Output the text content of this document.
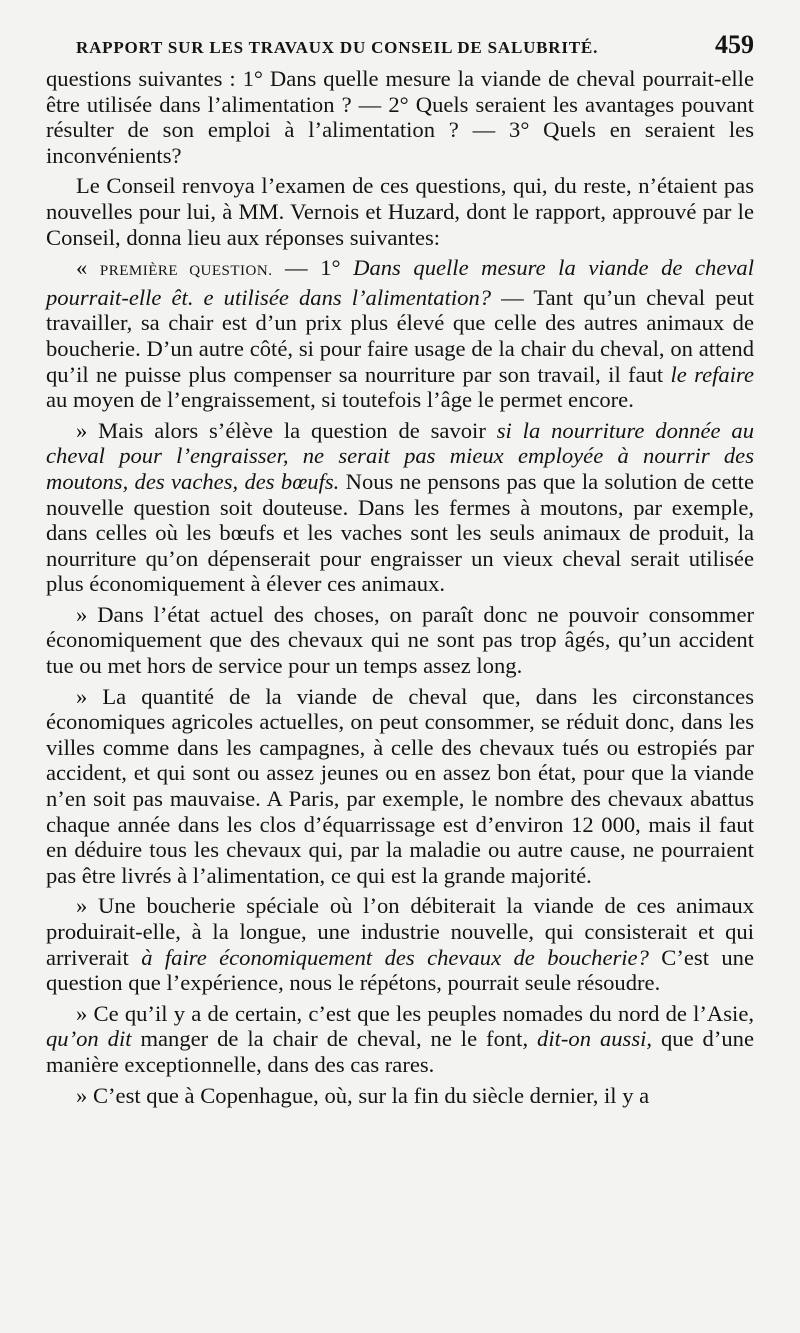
RAPPORT SUR LES TRAVAUX DU CONSEIL DE SALUBRITÉ.	459

questions suivantes : 1° Dans quelle mesure la viande de cheval pourrait-elle être utilisée dans l’alimentation ? — 2° Quels seraient les avantages pouvant résulter de son emploi à l’alimentation ? — 3° Quels en seraient les inconvénients?

Le Conseil renvoya l’examen de ces questions, qui, du reste, n’étaient pas nouvelles pour lui, à MM. Vernois et Huzard, dont le rapport, approuvé par le Conseil, donna lieu aux réponses suivantes:

« PREMIÈRE QUESTION. — 1° Dans quelle mesure la viande de cheval pourrait-elle êt. e utilisée dans l’alimentation? — Tant qu’un cheval peut travailler, sa chair est d’un prix plus élevé que celle des autres animaux de boucherie. D’un autre côté, si pour faire usage de la chair du cheval, on attend qu’il ne puisse plus compenser sa nourriture par son travail, il faut le refaire au moyen de l’engraissement, si toutefois l’âge le permet encore.

» Mais alors s’élève la question de savoir si la nourriture donnée au cheval pour l’engraisser, ne serait pas mieux employée à nourrir des moutons, des vaches, des bœufs. Nous ne pensons pas que la solution de cette nouvelle question soit douteuse. Dans les fermes à moutons, par exemple, dans celles où les bœufs et les vaches sont les seuls animaux de produit, la nourriture qu’on dépenserait pour engraisser un vieux cheval serait utilisée plus économiquement à élever ces animaux.

» Dans l’état actuel des choses, on paraît donc ne pouvoir consommer économiquement que des chevaux qui ne sont pas trop âgés, qu’un accident tue ou met hors de service pour un temps assez long.

» La quantité de la viande de cheval que, dans les circonstances économiques agricoles actuelles, on peut consommer, se réduit donc, dans les villes comme dans les campagnes, à celle des chevaux tués ou estropiés par accident, et qui sont ou assez jeunes ou en assez bon état, pour que la viande n’en soit pas mauvaise. A Paris, par exemple, le nombre des chevaux abattus chaque année dans les clos d’équarrissage est d’environ 12 000, mais il faut en déduire tous les chevaux qui, par la maladie ou autre cause, ne pourraient pas être livrés à l’alimentation, ce qui est la grande majorité.

» Une boucherie spéciale où l’on débiterait la viande de ces animaux produirait-elle, à la longue, une industrie nouvelle, qui consisterait et qui arriverait à faire économiquement des chevaux de boucherie? C’est une question que l’expérience, nous le répétons, pourrait seule résoudre.

» Ce qu’il y a de certain, c’est que les peuples nomades du nord de l’Asie, qu’on dit manger de la chair de cheval, ne le font, dit-on aussi, que d’une manière exceptionnelle, dans des cas rares.

» C’est que à Copenhague, où, sur la fin du siècle dernier, il y a
